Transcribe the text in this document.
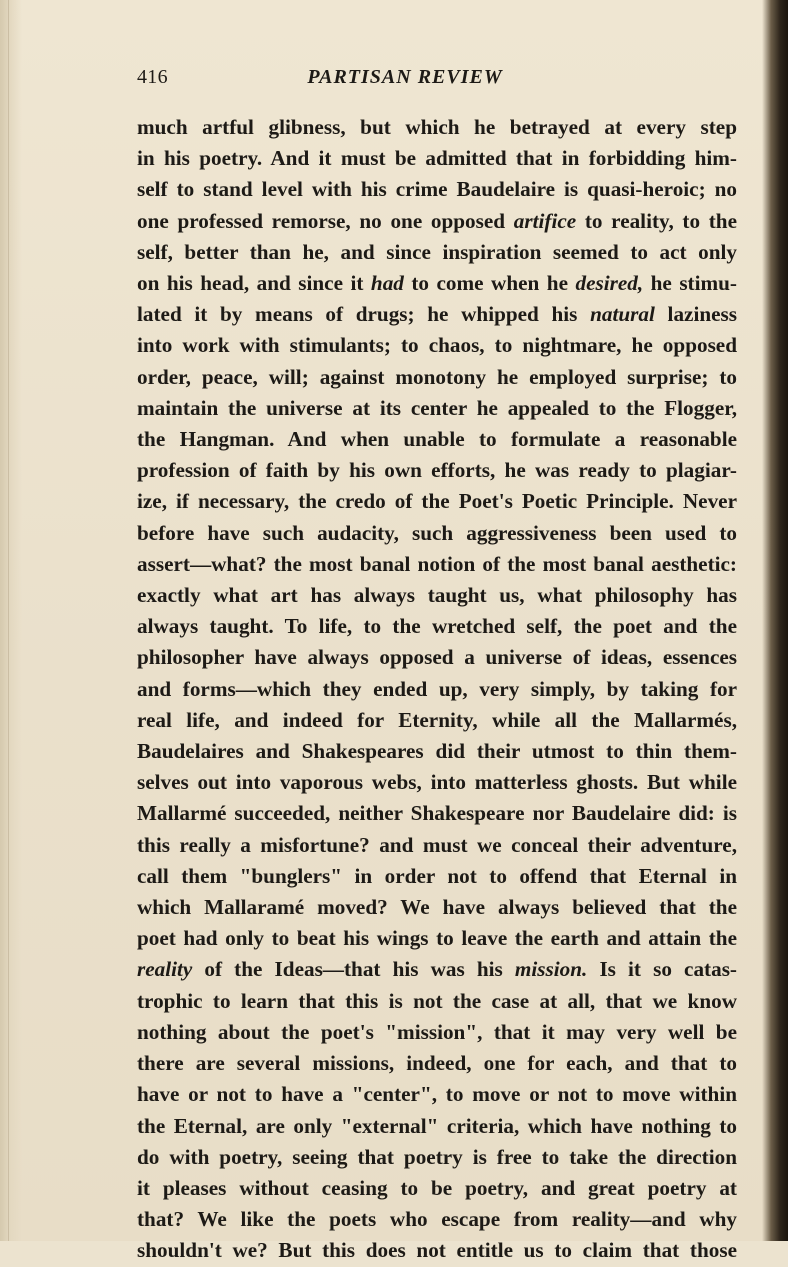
416	PARTISAN REVIEW
much artful glibness, but which he betrayed at every step
in his poetry. And it must be admitted that in forbidding him-
self to stand level with his crime Baudelaire is quasi-heroic; no
one professed remorse, no one opposed artifice to reality, to the
self, better than he, and since inspiration seemed to act only
on his head, and since it had to come when he desired, he stimu-
lated it by means of drugs; he whipped his natural laziness
into work with stimulants; to chaos, to nightmare, he opposed
order, peace, will; against monotony he employed surprise; to
maintain the universe at its center he appealed to the Flogger,
the Hangman. And when unable to formulate a reasonable
profession of faith by his own efforts, he was ready to plagiar-
ize, if necessary, the credo of the Poet's Poetic Principle. Never
before have such audacity, such aggressiveness been used to
assert—what? the most banal notion of the most banal aesthetic:
exactly what art has always taught us, what philosophy has
always taught. To life, to the wretched self, the poet and the
philosopher have always opposed a universe of ideas, essences
and forms—which they ended up, very simply, by taking for
real life, and indeed for Eternity, while all the Mallarmés,
Baudelaires and Shakespeares did their utmost to thin them-
selves out into vaporous webs, into matterless ghosts. But while
Mallarmé succeeded, neither Shakespeare nor Baudelaire did: is
this really a misfortune? and must we conceal their adventure,
call them "bunglers" in order not to offend that Eternal in
which Mallaramé moved? We have always believed that the
poet had only to beat his wings to leave the earth and attain the
reality of the Ideas—that his was his mission. Is it so catas-
trophic to learn that this is not the case at all, that we know
nothing about the poet's "mission", that it may very well be
there are several missions, indeed, one for each, and that to
have or not to have a "center", to move or not to move within
the Eternal, are only "external" criteria, which have nothing to
do with poetry, seeing that poetry is free to take the direction
it pleases without ceasing to be poetry, and great poetry at
that? We like the poets who escape from reality—and why
shouldn't we? But this does not entitle us to claim that those
